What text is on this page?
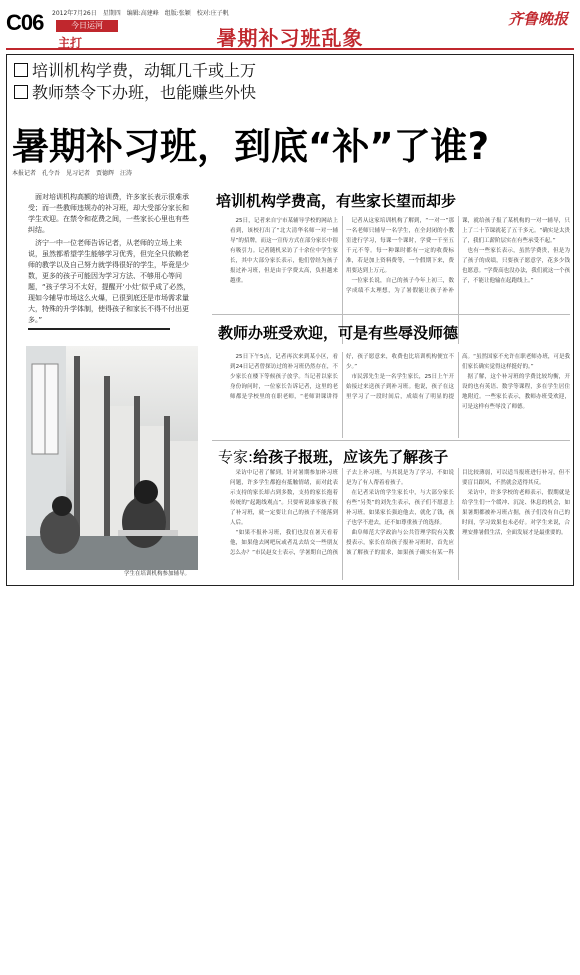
C06 2012年7月26日　星期四　编辑:高建峰　组版:张颖　校对:庄子帆
今日运河
主打	暑期补习班乱象
齐鲁晚报
培训机构学费，动辄几千或上万
教师禁令下办班，也能赚些外快
暑期补习班，到底“补”了谁?
本报记者　孔令吾　见习记者　贾德辉　汪涛

面对培训机构高额的培训费，许多家长表示很难承受；而一些教师违规办的补习班，却大受部分家长和学生欢迎。在禁令和花费之间，一些家长心里也有些纠结。

济宁一中一位老师告诉记者，从老师的立场上来说，虽然都希望学生能够学习优秀，但完全只依赖老师的教学以及自己努力就学得很好的学生，毕竟是少数，更多的孩子可能因为学习方法、不够用心等问题，“孩子学习不太好，提醒开‘小灶’似乎成了必然，现如今辅导市场这么火爆，已很到底还是市场需求量大，特殊的升学体制，使得孩子和家长不得不付出更多。”

学生在培训机构参加辅导。
培训机构学费高，有些家长望而却步

25日，记者来自宁市某辅导学校的网站上看到，该校打出了“北大清华名师一对一辅导”的招牌，而这一宣传方式在部分家长中很有吸引力。记者随机采访了十余位中学生家长，其中大部分家长表示，他们曾经为孩子报过补习班，但是由于学费太高，负担越来越重。

记者从这家培训机构了解到，“一对一”那一名老师只辅导一名学生，在全封闭的小教室进行学习，每课一个课时，学费一千至五千元不等。每一种课时都有一定的收费标准，若是加上资料费等，一个假期下来，费用要达到上万元。

一位家长说，自己的孩子今年上初三，数学成绩不太理想，为了暑假能让孩子补补课，就给孩子报了某机构的一对一辅导，只上了二十节课就花了五千多元。“确实是太贵了，我们工薪阶层实在有些承受不起。”

也有一些家长表示，虽然学费贵，但是为了孩子的成绩，只要孩子愿意学，花多少钱也愿意。“学费高也没办法，我们就这一个孩子，不能让他输在起跑线上。”

教师办班受欢迎，可是有些辱没师德

25日下午5点，记者再次来到某小区，看到24日记者曾探访过的补习班仍然存在，不少家长在楼下等候孩子放学。当记者以家长身份询问时，一位家长告诉记者，这里的老师都是学校里的在职老师，“老师讲课讲得好，孩子愿意来，收费也比培训机构便宜不少。”

市民郭先生是一名学生家长，25日上午开始接过来送孩子到补习班。他说，孩子在这里学习了一段时间后，成绩有了明显的提高。“虽然国家不允许在职老师办班，可是我们家长确实觉得这样挺好的。”

据了解，这个补习班的学费比较均衡，开设的也有英语、数学等课程，多在学生居住地附近。一些家长表示，教师办班受欢迎，可是这样有些辱没了师德。

专家:给孩子报班，应该先了解孩子

采访中记者了解到，针对暑期参加补习班问题，许多学生都抱有抵触情绪，而对此表示支持的家长却占到多数，支持的家长抱着传统的“起跑线观点”。只要听说谁家孩子报了补习班，就一定要让自己的孩子不能落到人后。

“如果不报补习班，我们也没在暑天看着他，如果他去网吧玩或者乱去结交一些朋友怎么办？”市民赵女士表示，学暑期自己的孩子去上补习班，与其说是为了学习，不如说是为了有人帮着看孩子。

在记者采访的学生家长中，与大部分家长有些“另类”的刘先生表示，孩子们不愿意上补习班，如果家长强迫他去，就化了钱，孩子也学不进去，还不如尊重孩子的选择。

曲阜师范大学政治与公共管理学院有关教授表示，家长在给孩子报补习班时，首先应该了解孩子的需求，如果孩子确实有某一科目比较薄弱，可以适当报班进行补习，但不要盲目跟风，不然就会适得其反。

采访中，许多学校的老师表示，假期就是给学生们一个缓冲、沉淀、休息的机会，如果暑期都被补习班占据，孩子们没有自己的时间，学习效果也未必好。对学生来说，合理安排暑假生活，全面发展才是最重要的。
